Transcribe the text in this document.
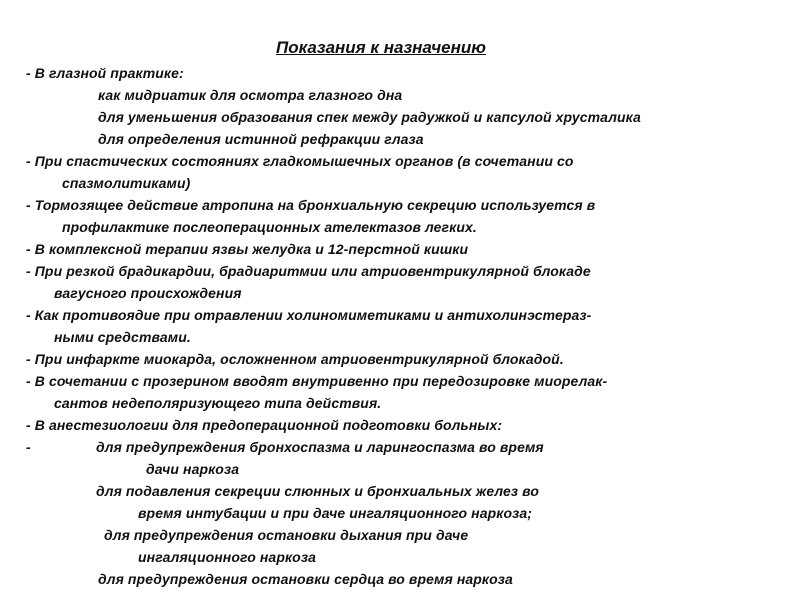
Показания к назначению
- В глазной практике:
как мидриатик для осмотра глазного дна
для уменьшения образования спек между радужкой и капсулой хрусталика
для определения истинной рефракции глаза
- При спастических состояниях гладкомышечных органов (в сочетании со
спазмолитиками)
- Тормозящее действие атропина на бронхиальную секрецию используется в
профилактике послеоперационных ателектазов легких.
- В комплексной терапии язвы желудка и 12-перстной кишки
- При резкой брадикардии, брадиаритмии или атриовентрикулярной блокаде
вагусного происхождения
- Как противоядие при отравлении холиномиметиками и антихолинэстераз-
ными средствами.
- При инфаркте миокарда, осложненном атриовентрикулярной блокадой.
- В сочетании с прозерином вводят внутривенно при передозировке миорелак-
сантов недеполяризующего типа действия.
- В анестезиологии для предоперационной подготовки больных:
-	для предупреждения бронхоспазма и ларингоспазма во время
дачи наркоза
для подавления секреции слюнных и бронхиальных желез во
время интубации и при даче ингаляционного наркоза;
для предупреждения остановки дыхания при даче
ингаляционного наркоза
для предупреждения остановки сердца во время наркоза
